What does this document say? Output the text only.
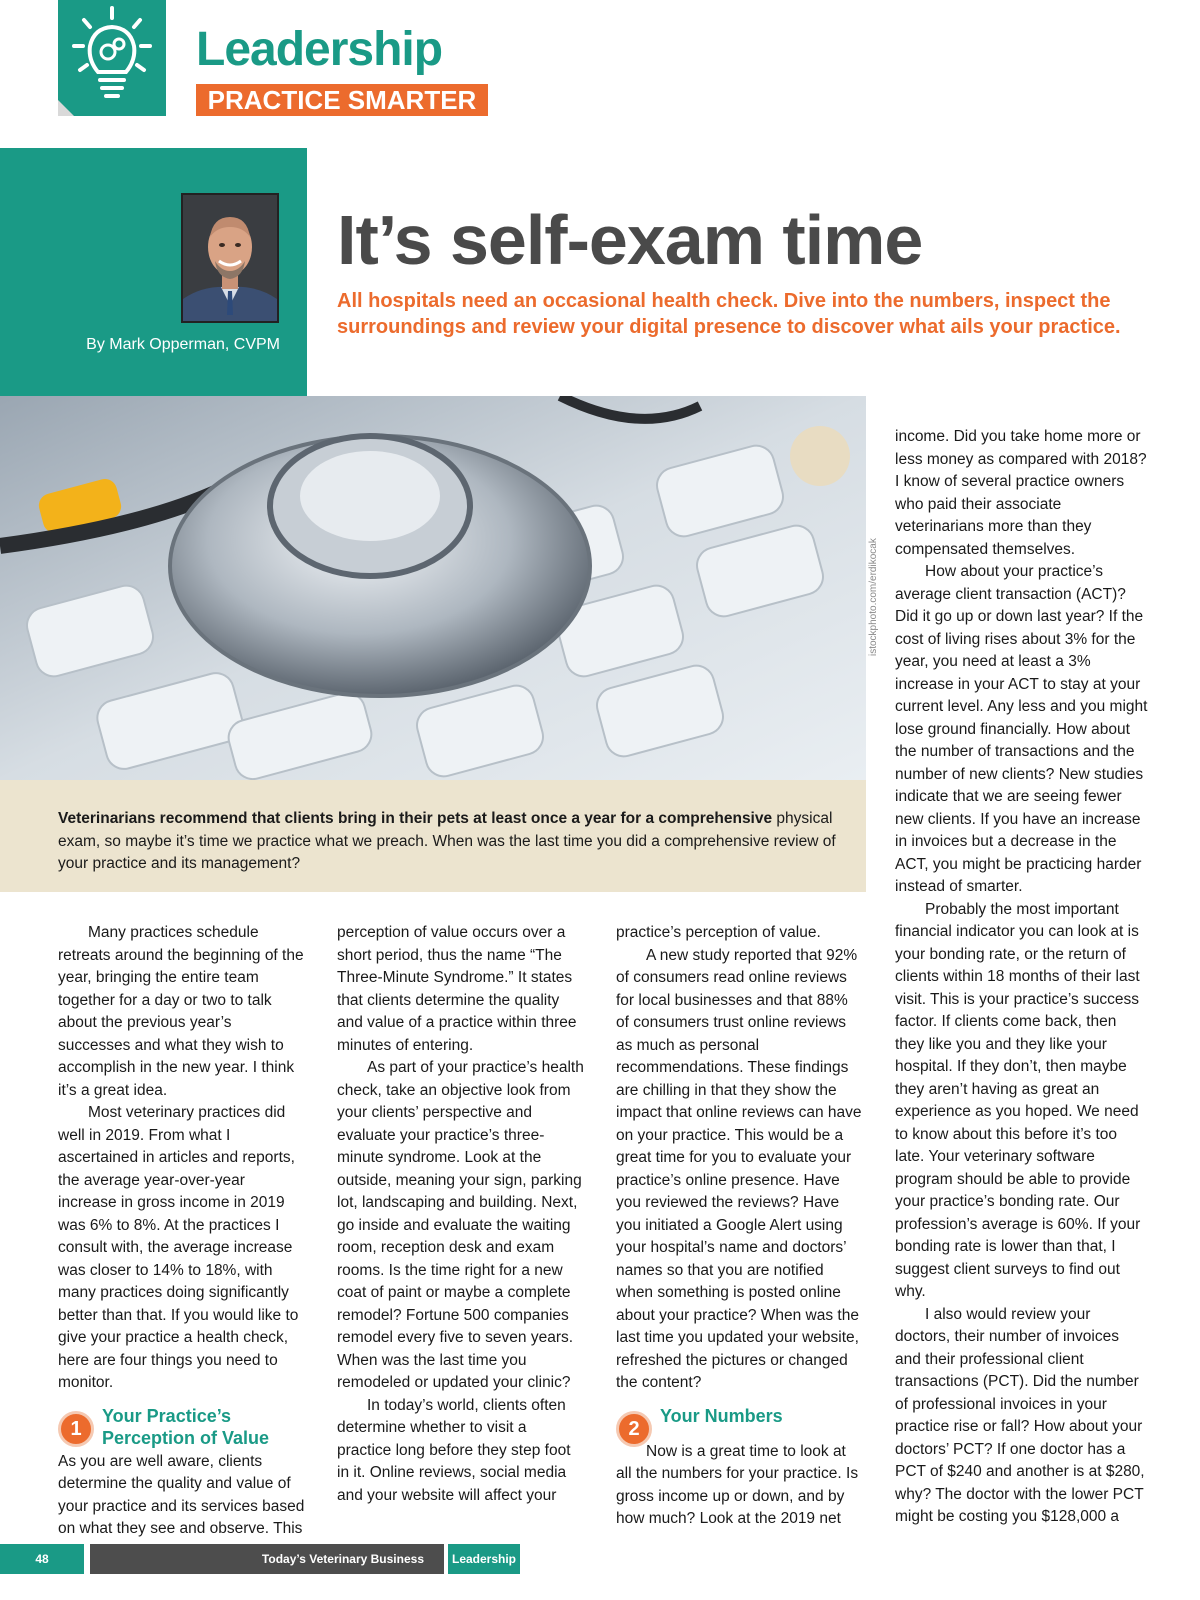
Leadership
PRACTICE SMARTER
By Mark Opperman, CVPM
It’s self-exam time
All hospitals need an occasional health check. Dive into the numbers, inspect the surroundings and review your digital presence to discover what ails your practice.
istockphoto.com/erdikocak
Veterinarians recommend that clients bring in their pets at least once a year for a comprehensive physical exam, so maybe it’s time we practice what we preach. When was the last time you did a comprehensive review of your practice and its management?

Many practices schedule retreats around the beginning of the year, bringing the entire team together for a day or two to talk about the previous year’s successes and what they wish to accomplish in the new year. I think it’s a great idea.

Most veterinary practices did well in 2019. From what I ascertained in articles and reports, the average year-over-year increase in gross income in 2019 was 6% to 8%. At the practices I consult with, the average increase was closer to 14% to 18%, with many practices doing significantly better than that. If you would like to give your practice a health check, here are four things you need to monitor.

1
Your Practice’s Perception of Value

As you are well aware, clients determine the quality and value of your practice and its services based on what they see and observe. This

perception of value occurs over a short period, thus the name “The Three-Minute Syndrome.” It states that clients determine the quality and value of a practice within three minutes of entering.

As part of your practice’s health check, take an objective look from your clients’ perspective and evaluate your practice’s three-minute syndrome. Look at the outside, meaning your sign, parking lot, landscaping and building. Next, go inside and evaluate the waiting room, reception desk and exam rooms. Is the time right for a new coat of paint or maybe a complete remodel? Fortune 500 companies remodel every five to seven years. When was the last time you remodeled or updated your clinic?

In today’s world, clients often determine whether to visit a practice long before they step foot in it. Online reviews, social media and your website will affect your

practice’s perception of value.

A new study reported that 92% of consumers read online reviews for local businesses and that 88% of consumers trust online reviews as much as personal recommendations. These findings are chilling in that they show the impact that online reviews can have on your practice. This would be a great time for you to evaluate your practice’s online presence. Have you reviewed the reviews? Have you initiated a Google Alert using your hospital’s name and doctors’ names so that you are notified when something is posted online about your practice? When was the last time you updated your website, refreshed the pictures or changed the content?

2
Your Numbers

Now is a great time to look at all the numbers for your practice. Is gross income up or down, and by how much? Look at the 2019 net

income. Did you take home more or less money as compared with 2018? I know of several practice owners who paid their associate veterinarians more than they compensated themselves.

How about your practice’s average client transaction (ACT)? Did it go up or down last year? If the cost of living rises about 3% for the year, you need at least a 3% increase in your ACT to stay at your current level. Any less and you might lose ground financially. How about the number of transactions and the number of new clients? New studies indicate that we are seeing fewer new clients. If you have an increase in invoices but a decrease in the ACT, you might be practicing harder instead of smarter.

Probably the most important financial indicator you can look at is your bonding rate, or the return of clients within 18 months of their last visit. This is your practice’s success factor. If clients come back, then they like you and they like your hospital. If they don’t, then maybe they aren’t having as great an experience as you hoped. We need to know about this before it’s too late. Your veterinary software program should be able to provide your practice’s bonding rate. Our profession’s average is 60%. If your bonding rate is lower than that, I suggest client surveys to find out why.

I also would review your doctors, their number of invoices and their professional client transactions (PCT). Did the number of professional invoices in your practice rise or fall? How about your doctors’ PCT? If one doctor has a PCT of $240 and another is at $280, why? The doctor with the lower PCT might be costing you $128,000 a

48	Today’s Veterinary Business	Leadership
